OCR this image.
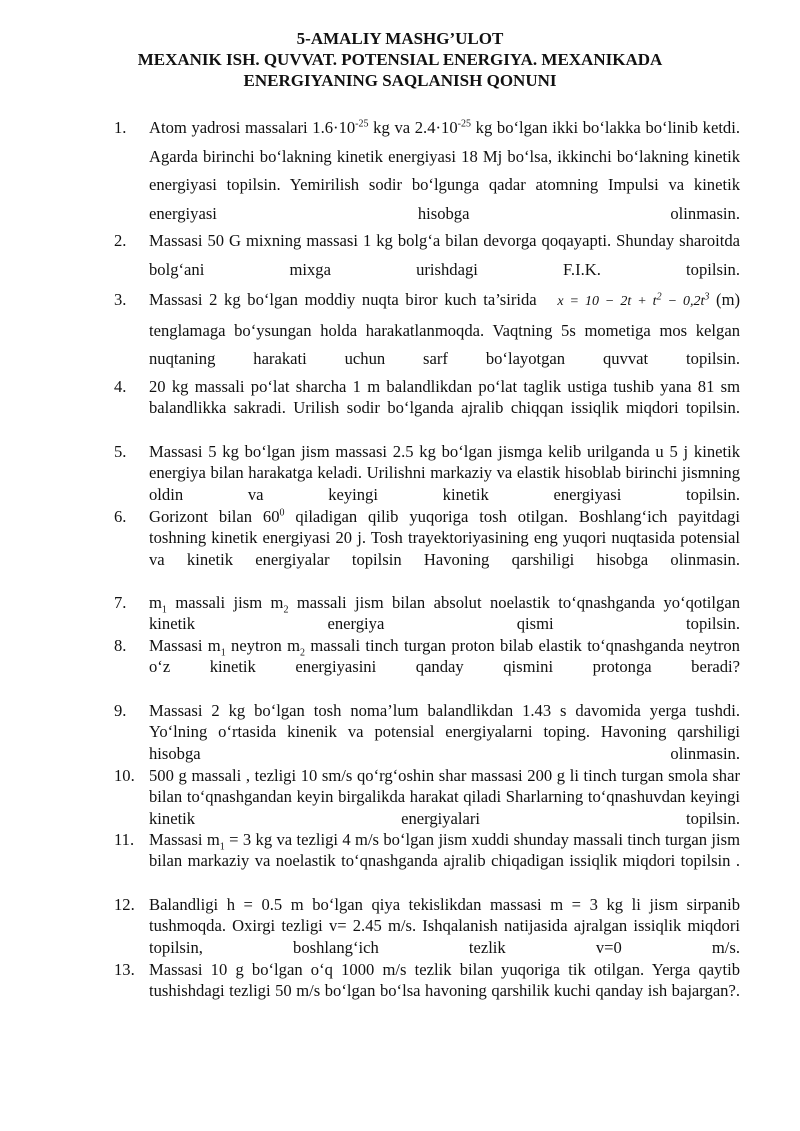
5-AMALIY MASHG’ULOT
MEXANIK ISH. QUVVAT. POTENSIAL ENERGIYA. MEXANIKADA
ENERGIYANING SAQLANISH QONUNI
1. Atom yadrosi massalari $1.6\cdot 10^{-25}$ kg va $2.4\cdot 10^{-25}$ kg bo‘lgan ikki bo‘lakka bo‘linib ketdi. Agarda birinchi bo‘lakning kinetik energiyasi 18 Mj bo‘lsa, ikkinchi bo‘lakning kinetik energiyasi topilsin. Yemirilish sodir bo‘lgunga qadar atomning Impulsi va kinetik energiyasi hisobga olinmasin.
2. Massasi 50 G mixning massasi 1 kg bolg‘a bilan devorga qoqayapti. Shunday sharoitda bolg‘ani mixga urishdagi F.I.K. topilsin.
3. Massasi 2 kg bo‘lgan moddiy nuqta biror kuch ta’sirida $x = 10 - 2t + t^2 - 0,2t^3$ (m) tenglamaga bo‘ysungan holda harakatlanmoqda. Vaqtning 5s mometiga mos kelgan nuqtaning harakati uchun sarf bo‘layotgan quvvat topilsin.
4. 20 kg massali po‘lat sharcha 1 m balandlikdan po‘lat taglik ustiga tushib yana 81 sm balandlikka sakradi. Urilish sodir bo‘lganda ajralib chiqqan issiqlik miqdori topilsin.
5. Massasi 5 kg bo‘lgan jism massasi 2.5 kg bo‘lgan jismga kelib urilganda u 5 j kinetik energiya bilan harakatga keladi. Urilishni markaziy va elastik hisoblab birinchi jismning oldin va keyingi kinetik energiyasi topilsin.
6. Gorizont bilan $60^0$ qiladigan qilib yuqoriga tosh otilgan. Boshlang‘ich payitdagi toshning kinetik energiyasi 20 j. Tosh trayektoriyasining eng yuqori nuqtasida potensial va kinetik energiyalar topilsin Havoning qarshiligi hisobga olinmasin.
7. $m_1$ massali jism $m_2$ massali jism bilan absolut noelastik to‘qnashganda yo‘qotilgan kinetik energiya qismi topilsin.
8. Massasi $m_1$ neytron $m_2$ massali tinch turgan proton bilab elastik to‘qnashganda neytron o‘z kinetik energiyasini qanday qismini protonga beradi?
9. Massasi 2 kg bo‘lgan tosh noma’lum balandlikdan 1.43 s davomida yerga tushdi. Yo‘lning o‘rtasida kinenik va potensial energiyalarni toping. Havoning qarshiligi hisobga olinmasin.
10. 500 g massali , tezligi 10 sm/s qo‘rg‘oshin shar massasi 200 g li tinch turgan smola shar bilan to‘qnashgandan keyin birgalikda harakat qiladi Sharlarning to‘qnashuvdan keyingi kinetik energiyalari topilsin.
11. Massasi $m_1 = 3$ kg va tezligi 4 m/s bo‘lgan jism xuddi shunday massali tinch turgan jism bilan markaziy va noelastik to‘qnashganda ajralib chiqadigan issiqlik miqdori topilsin .
12. Balandligi h = 0.5 m bo‘lgan qiya tekislikdan massasi m = 3 kg li jism sirpanib tushmoqda. Oxirgi tezligi v= 2.45 m/s. Ishqalanish natijasida ajralgan issiqlik miqdori topilsin, boshlang‘ich tezlik v=0 m/s.
13. Massasi 10 g bo‘lgan o‘q 1000 m/s tezlik bilan yuqoriga tik otilgan. Yerga qaytib tushishdagi tezligi 50 m/s bo‘lgan bo‘lsa havoning qarshilik kuchi qanday ish bajargan?.
